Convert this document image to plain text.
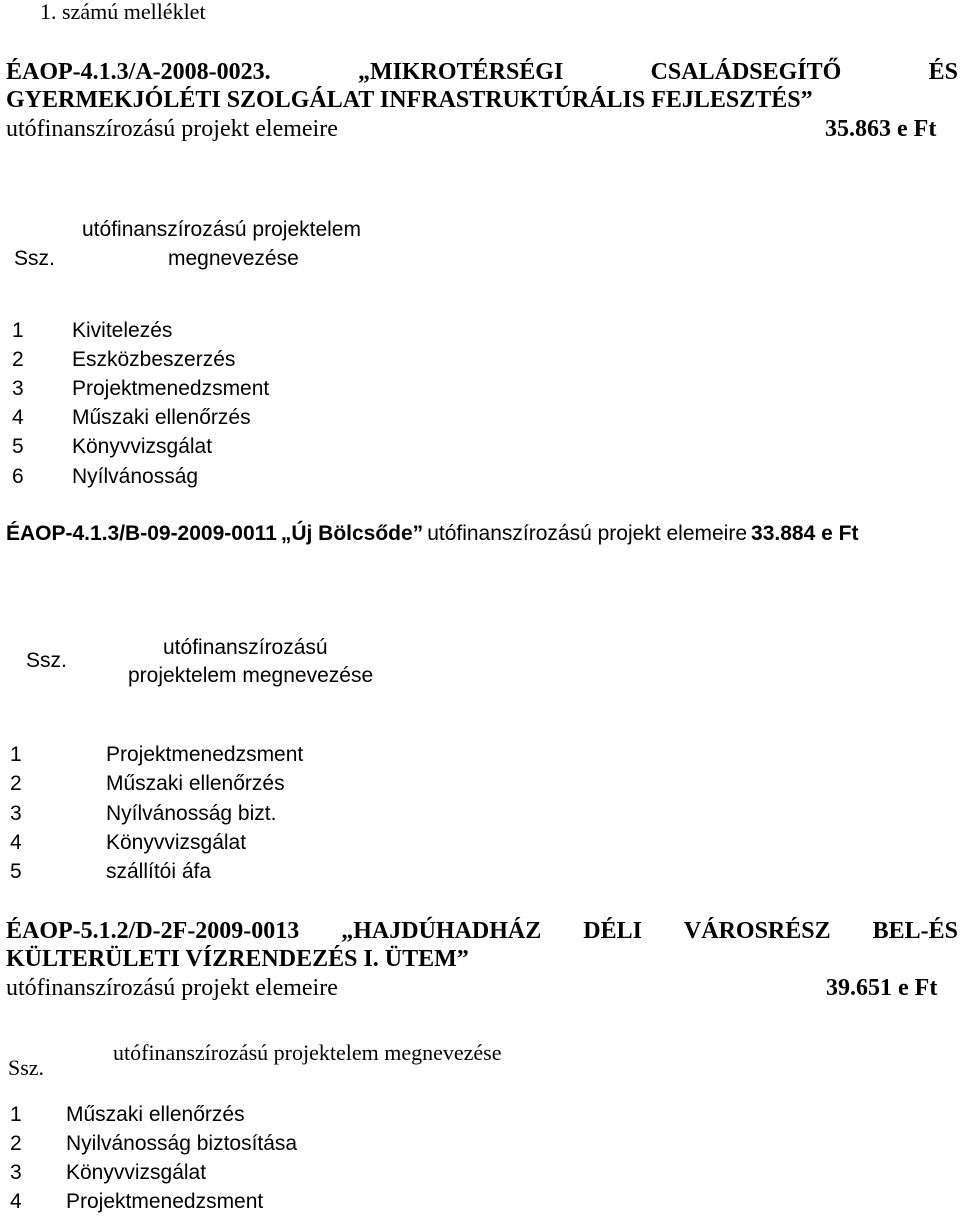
1. számú melléklet
ÉAOP-4.1.3/A-2008-0023.	„MIKROTÉRSÉGI	CSALÁDSEGÍTŐ	ÉS
GYERMEKJÓLÉTI SZOLGÁLAT INFRASTRUKTÚRÁLIS FEJLESZTÉS”
utófinanszírozású projekt elemeire	35.863 e Ft
Ssz.
utófinanszírozású projektelem
megnevezése
1 Kivitelezés
2 Eszközbeszerzés
3 Projektmenedzsment
4 Műszaki ellenőrzés
5 Könyvvizsgálat
6 Nyílvánosság
ÉAOP-4.1.3/B-09-2009-0011 „Új Bölcsőde” utófinanszírozású projekt elemeire 33.884 e Ft
Ssz.
utófinanszírozású
projektelem megnevezése
1	Projektmenedzsment
2	Műszaki ellenőrzés
3	Nyílvánosság bizt.
4	Könyvvizsgálat
5	szállítói áfa
ÉAOP-5.1.2/D-2F-2009-0013 „HAJDÚHADHÁZ DÉLI VÁROSRÉSZ BEL-ÉS
KÜLTERÜLETI VÍZRENDEZÉS I. ÜTEM”
utófinanszírozású projekt elemeire	39.651 e Ft
Ssz.
utófinanszírozású projektelem megnevezése
1 Műszaki ellenőrzés
2 Nyilvánosság biztosítása
3 Könyvvizsgálat
4 Projektmenedzsment
